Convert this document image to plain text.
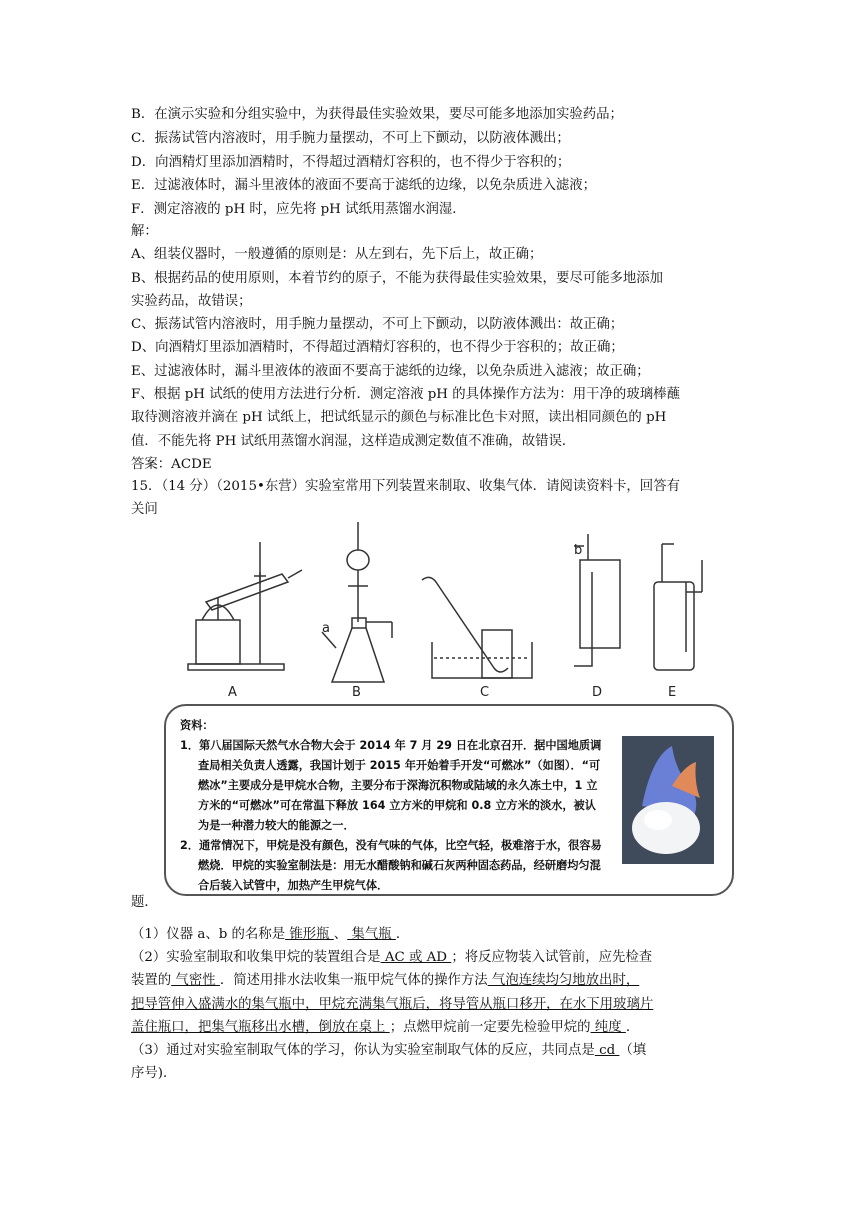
B．在演示实验和分组实验中，为获得最佳实验效果，要尽可能多地添加实验药品；
C．振荡试管内溶液时，用手腕力量摆动，不可上下颤动，以防液体溅出；
D．向酒精灯里添加酒精时，不得超过酒精灯容积的，也不得少于容积的；
E．过滤液体时，漏斗里液体的液面不要高于滤纸的边缘，以免杂质进入滤液；
F．测定溶液的 pH 时，应先将 pH 试纸用蒸馏水润湿．
解：
A、组装仪器时，一般遵循的原则是：从左到右，先下后上，故正确；
B、根据药品的使用原则，本着节约的原子，不能为获得最佳实验效果，要尽可能多地添加
实验药品，故错误；
C、振荡试管内溶液时，用手腕力量摆动，不可上下颤动，以防液体溅出：故正确；
D、向酒精灯里添加酒精时，不得超过酒精灯容积的，也不得少于容积的；故正确；
E、过滤液体时，漏斗里液体的液面不要高于滤纸的边缘，以免杂质进入滤液；故正确；
F、根据 pH 试纸的使用方法进行分析．测定溶液 pH 的具体操作方法为：用干净的玻璃棒蘸
取待测溶液并滴在 pH 试纸上，把试纸显示的颜色与标准比色卡对照，读出相同颜色的 pH
值．不能先将 PH 试纸用蒸馏水润湿，这样造成测定数值不准确，故错误．
答案：ACDE
15．（14 分）（2015•东营）实验室常用下列装置来制取、收集气体．请阅读资料卡，回答有
关问
a
b
A	B	C	D	E
资料：
1．第八届国际天然气水合物大会于 2014 年 7 月 29 日在北京召开．据中国地质调查局相关负责人透露，我国计划于 2015 年开始着手开发“可燃冰”（如图）．“可燃冰”主要成分是甲烷水合物，主要分布于深海沉积物或陆域的永久冻土中，1 立方米的“可燃冰”可在常温下释放 164 立方米的甲烷和 0.8 立方米的淡水，被认为是一种潜力较大的能源之一．
2．通常情况下，甲烷是没有颜色，没有气味的气体，比空气轻，极难溶于水，很容易燃烧．甲烷的实验室制法是：用无水醋酸钠和碱石灰两种固态药品，经研磨均匀混合后装入试管中，加热产生甲烷气体．
题．
（1）仪器 a、b 的名称是 锥形瓶 、 集气瓶 ．
（2）实验室制取和收集甲烷的装置组合是 AC 或 AD ；将反应物装入试管前，应先检查
装置的 气密性 ．简述用排水法收集一瓶甲烷气体的操作方法 气泡连续均匀地放出时，
把导管伸入盛满水的集气瓶中，甲烷充满集气瓶后，将导管从瓶口移开，在水下用玻璃片
盖住瓶口，把集气瓶移出水槽，倒放在桌上 ；点燃甲烷前一定要先检验甲烷的 纯度 ．
（3）通过对实验室制取气体的学习，你认为实验室制取气体的反应，共同点是 cd （填
序号)．
